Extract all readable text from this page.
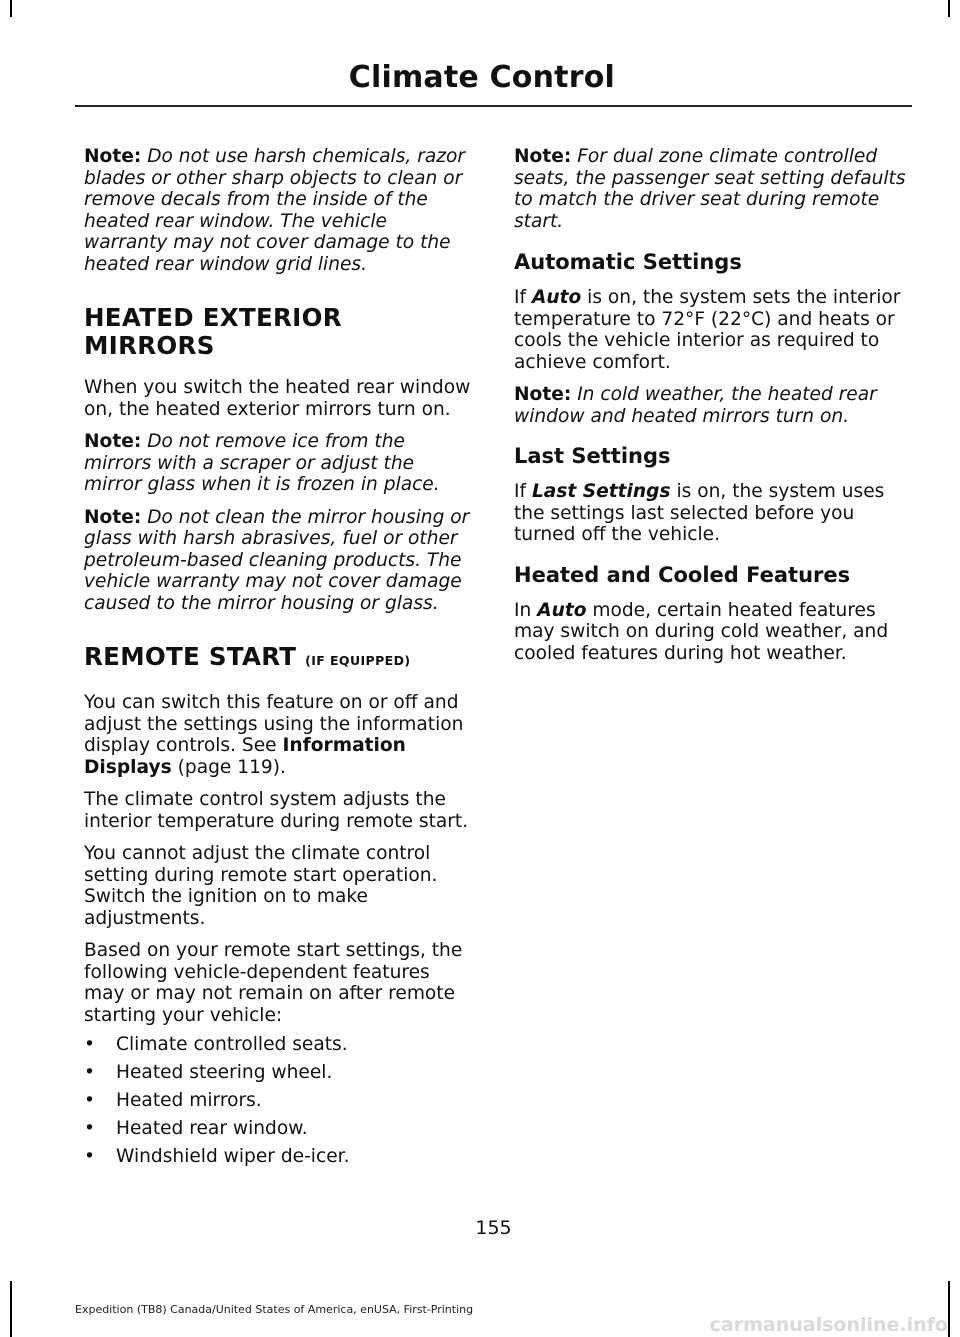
Climate Control

Note: Do not use harsh chemicals, razor blades or other sharp objects to clean or remove decals from the inside of the heated rear window. The vehicle warranty may not cover damage to the heated rear window grid lines.

HEATED EXTERIOR MIRRORS

When you switch the heated rear window on, the heated exterior mirrors turn on.

Note: Do not remove ice from the mirrors with a scraper or adjust the mirror glass when it is frozen in place.

Note: Do not clean the mirror housing or glass with harsh abrasives, fuel or other petroleum-based cleaning products. The vehicle warranty may not cover damage caused to the mirror housing or glass.

REMOTE START (IF EQUIPPED)

You can switch this feature on or off and adjust the settings using the information display controls. See Information Displays (page 119).

The climate control system adjusts the interior temperature during remote start.

You cannot adjust the climate control setting during remote start operation. Switch the ignition on to make adjustments.

Based on your remote start settings, the following vehicle-dependent features may or may not remain on after remote starting your vehicle:

• Climate controlled seats.
• Heated steering wheel.
• Heated mirrors.
• Heated rear window.
• Windshield wiper de-icer.

Note: For dual zone climate controlled seats, the passenger seat setting defaults to match the driver seat during remote start.

Automatic Settings

If Auto is on, the system sets the interior temperature to 72°F (22°C) and heats or cools the vehicle interior as required to achieve comfort.

Note: In cold weather, the heated rear window and heated mirrors turn on.

Last Settings

If Last Settings is on, the system uses the settings last selected before you turned off the vehicle.

Heated and Cooled Features

In Auto mode, certain heated features may switch on during cold weather, and cooled features during hot weather.

155
Expedition (TB8) Canada/United States of America, enUSA, First-Printing
carmanualsonline.info
